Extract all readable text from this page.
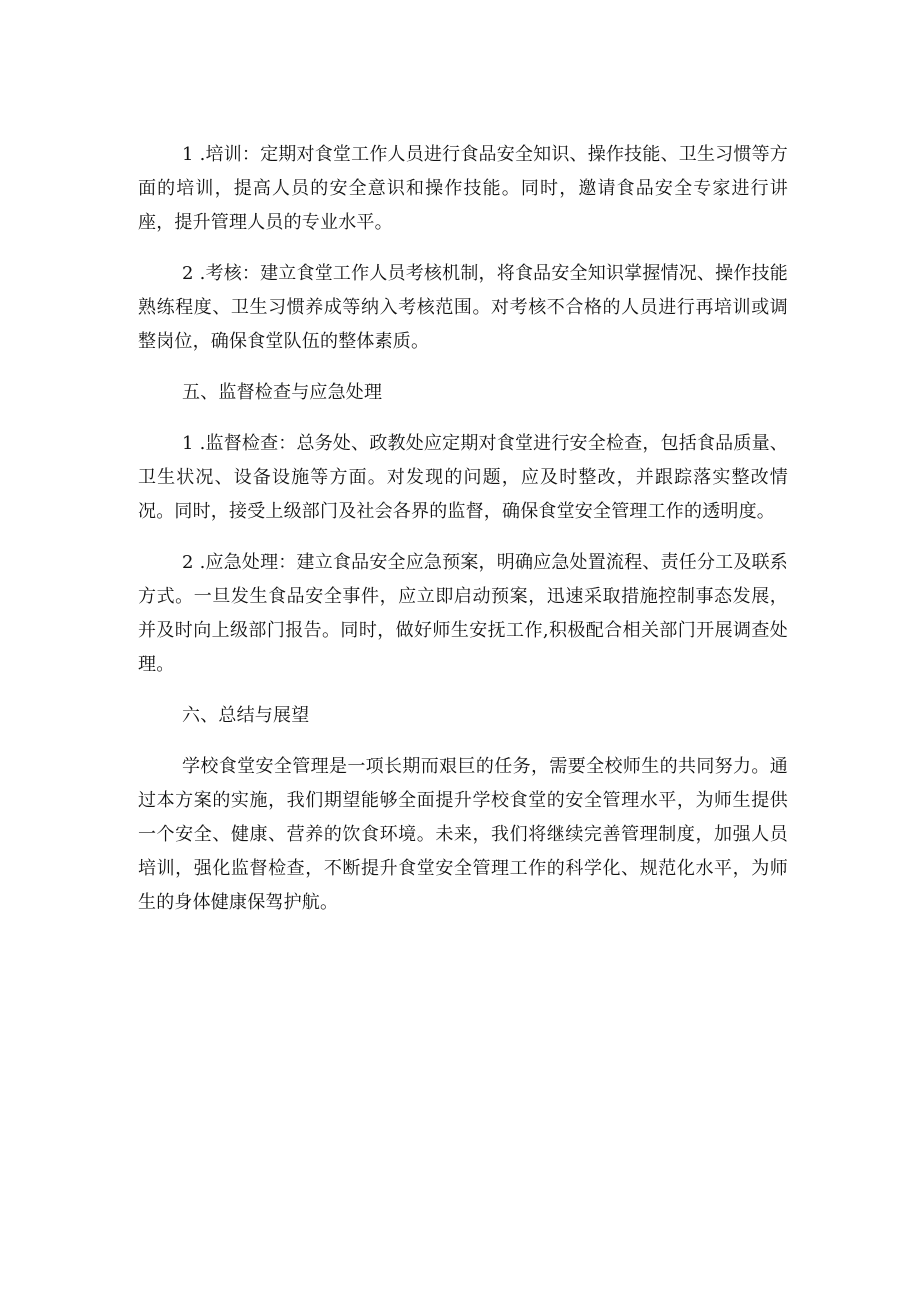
1 .培训：定期对食堂工作人员进行食品安全知识、操作技能、卫生习惯等方面的培训，提高人员的安全意识和操作技能。同时，邀请食品安全专家进行讲座，提升管理人员的专业水平。

2 .考核：建立食堂工作人员考核机制，将食品安全知识掌握情况、操作技能熟练程度、卫生习惯养成等纳入考核范围。对考核不合格的人员进行再培训或调整岗位，确保食堂队伍的整体素质。

五、监督检查与应急处理

1 .监督检查：总务处、政教处应定期对食堂进行安全检查，包括食品质量、卫生状况、设备设施等方面。对发现的问题，应及时整改，并跟踪落实整改情况。同时，接受上级部门及社会各界的监督，确保食堂安全管理工作的透明度。

2 .应急处理：建立食品安全应急预案，明确应急处置流程、责任分工及联系方式。一旦发生食品安全事件，应立即启动预案，迅速采取措施控制事态发展，并及时向上级部门报告。同时，做好师生安抚工作,积极配合相关部门开展调查处理。

六、总结与展望

学校食堂安全管理是一项长期而艰巨的任务，需要全校师生的共同努力。通过本方案的实施，我们期望能够全面提升学校食堂的安全管理水平，为师生提供一个安全、健康、营养的饮食环境。未来，我们将继续完善管理制度，加强人员培训，强化监督检查，不断提升食堂安全管理工作的科学化、规范化水平，为师生的身体健康保驾护航。
